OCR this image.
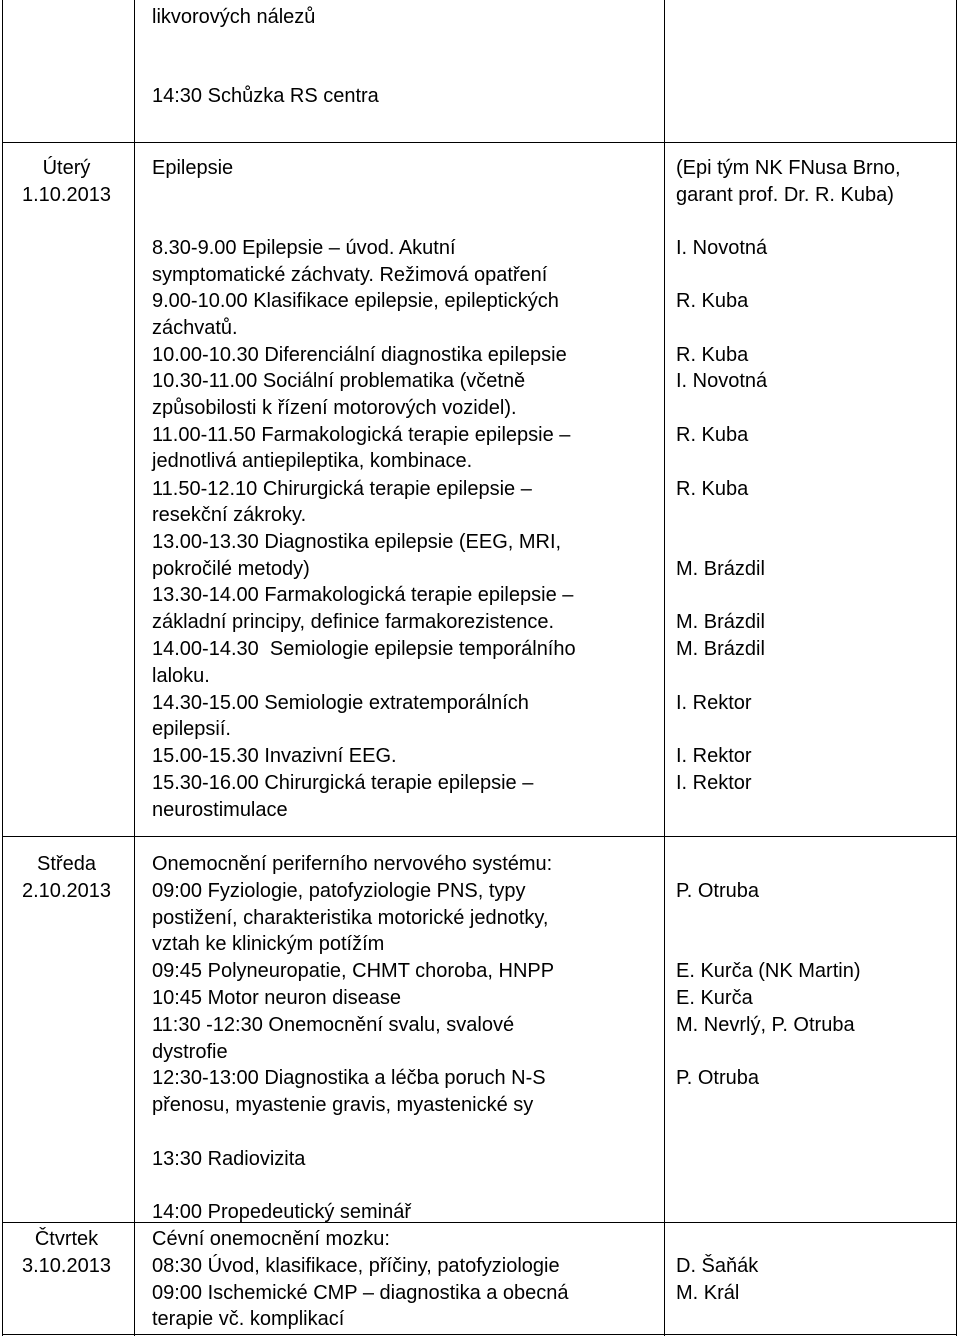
likvorových nálezů

14:30 Schůzka RS centra

Úterý

1.10.2013

Epilepsie	(Epi tým NK FNusa Brno,

garant prof. Dr. R. Kuba)

8.30-9.00 Epilepsie – úvod. Akutní

symptomatické záchvaty. Režimová opatření

9.00-10.00 Klasifikace epilepsie, epileptických

záchvatů.

10.00-10.30 Diferenciální diagnostika epilepsie

10.30-11.00 Sociální problematika (včetně

způsobilosti k řízení motorových vozidel).

11.00-11.50 Farmakologická terapie epilepsie –

jednotlivá antiepileptika, kombinace.

11.50-12.10 Chirurgická terapie epilepsie –

resekční zákroky.

13.00-13.30 Diagnostika epilepsie (EEG, MRI,

pokročilé metody)

13.30-14.00 Farmakologická terapie epilepsie –

základní principy, definice farmakorezistence.

14.00-14.30  Semiologie epilepsie temporálního

laloku.

14.30-15.00 Semiologie extratemporálních

epilepsií.

15.00-15.30 Invazivní EEG.

15.30-16.00 Chirurgická terapie epilepsie –

neurostimulace

I. Novotná

R. Kuba

R. Kuba

I. Novotná

R. Kuba

R. Kuba

M. Brázdil

M. Brázdil

M. Brázdil

I. Rektor

I. Rektor

I. Rektor

Středa

2.10.2013

Onemocnění periferního nervového systému:

09:00 Fyziologie, patofyziologie PNS, typy

postižení, charakteristika motorické jednotky,

vztah ke klinickým potížím

09:45 Polyneuropatie, CHMT choroba, HNPP

10:45 Motor neuron disease

11:30 -12:30 Onemocnění svalu, svalové

dystrofie

12:30-13:00 Diagnostika a léčba poruch N-S

přenosu, myastenie gravis, myastenické sy

13:30 Radiovizita

P. Otruba

E. Kurča (NK Martin)

E. Kurča

M. Nevrlý, P. Otruba

P. Otruba

Čtvrtek

3.10.2013

14:00 Propedeutický seminář

Cévní onemocnění mozku:

08:30 Úvod, klasifikace, příčiny, patofyziologie

09:00 Ischemické CMP – diagnostika a obecná

terapie vč. komplikací

D. Šaňák

M. Král
